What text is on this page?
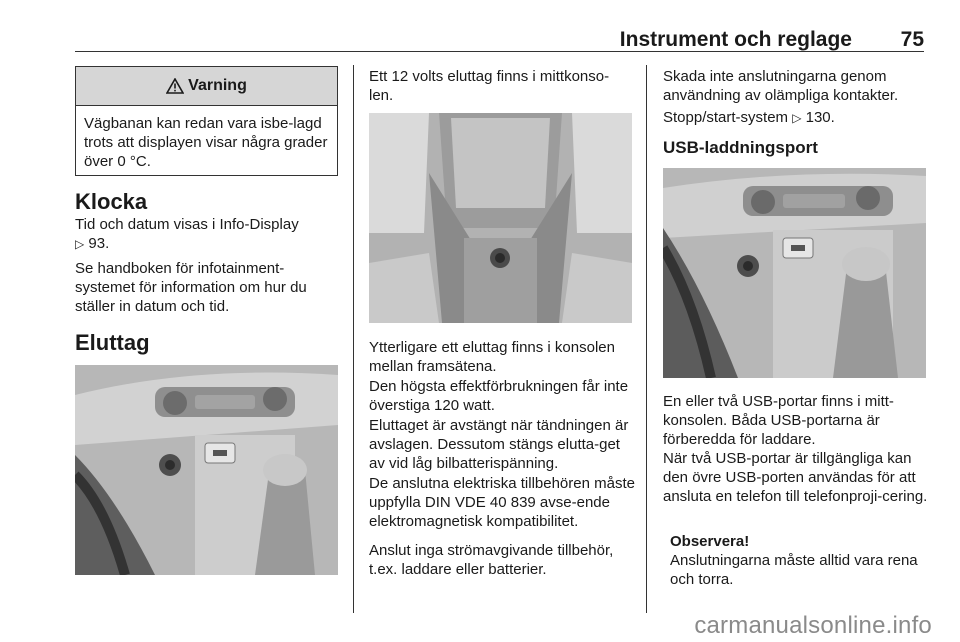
Instrument och reglage 75
Varning
Vägbanan kan redan vara isbe-lagd trots att displayen visar några grader över 0 °C.
Klocka
Tid och datum visas i Info-Display
▷ 93.

Se handboken för infotainment-systemet för information om hur du ställer in datum och tid.

Eluttag

Ett 12 volts eluttag finns i mittkonso-len.

Ytterligare ett eluttag finns i konsolen mellan framsätena.

Den högsta effektförbrukningen får inte överstiga 120 watt.

Eluttaget är avstängt när tändningen är avslagen. Dessutom stängs elutta-get av vid låg bilbatterispänning.

De anslutna elektriska tillbehören måste uppfylla DIN VDE 40 839 avse-ende elektromagnetisk kompatibilitet.

Anslut inga strömavgivande tillbehör, t.ex. laddare eller batterier.

Skada inte anslutningarna genom användning av olämpliga kontakter.

Stopp/start-system ▷ 130.
USB-laddningsport

En eller två USB-portar finns i mitt-konsolen. Båda USB-portarna är förberedda för laddare.

När två USB-portar är tillgängliga kan den övre USB-porten användas för att ansluta en telefon till telefonproji-cering.

Observera!
Anslutningarna måste alltid vara rena och torra.
carmanualsonline.info
